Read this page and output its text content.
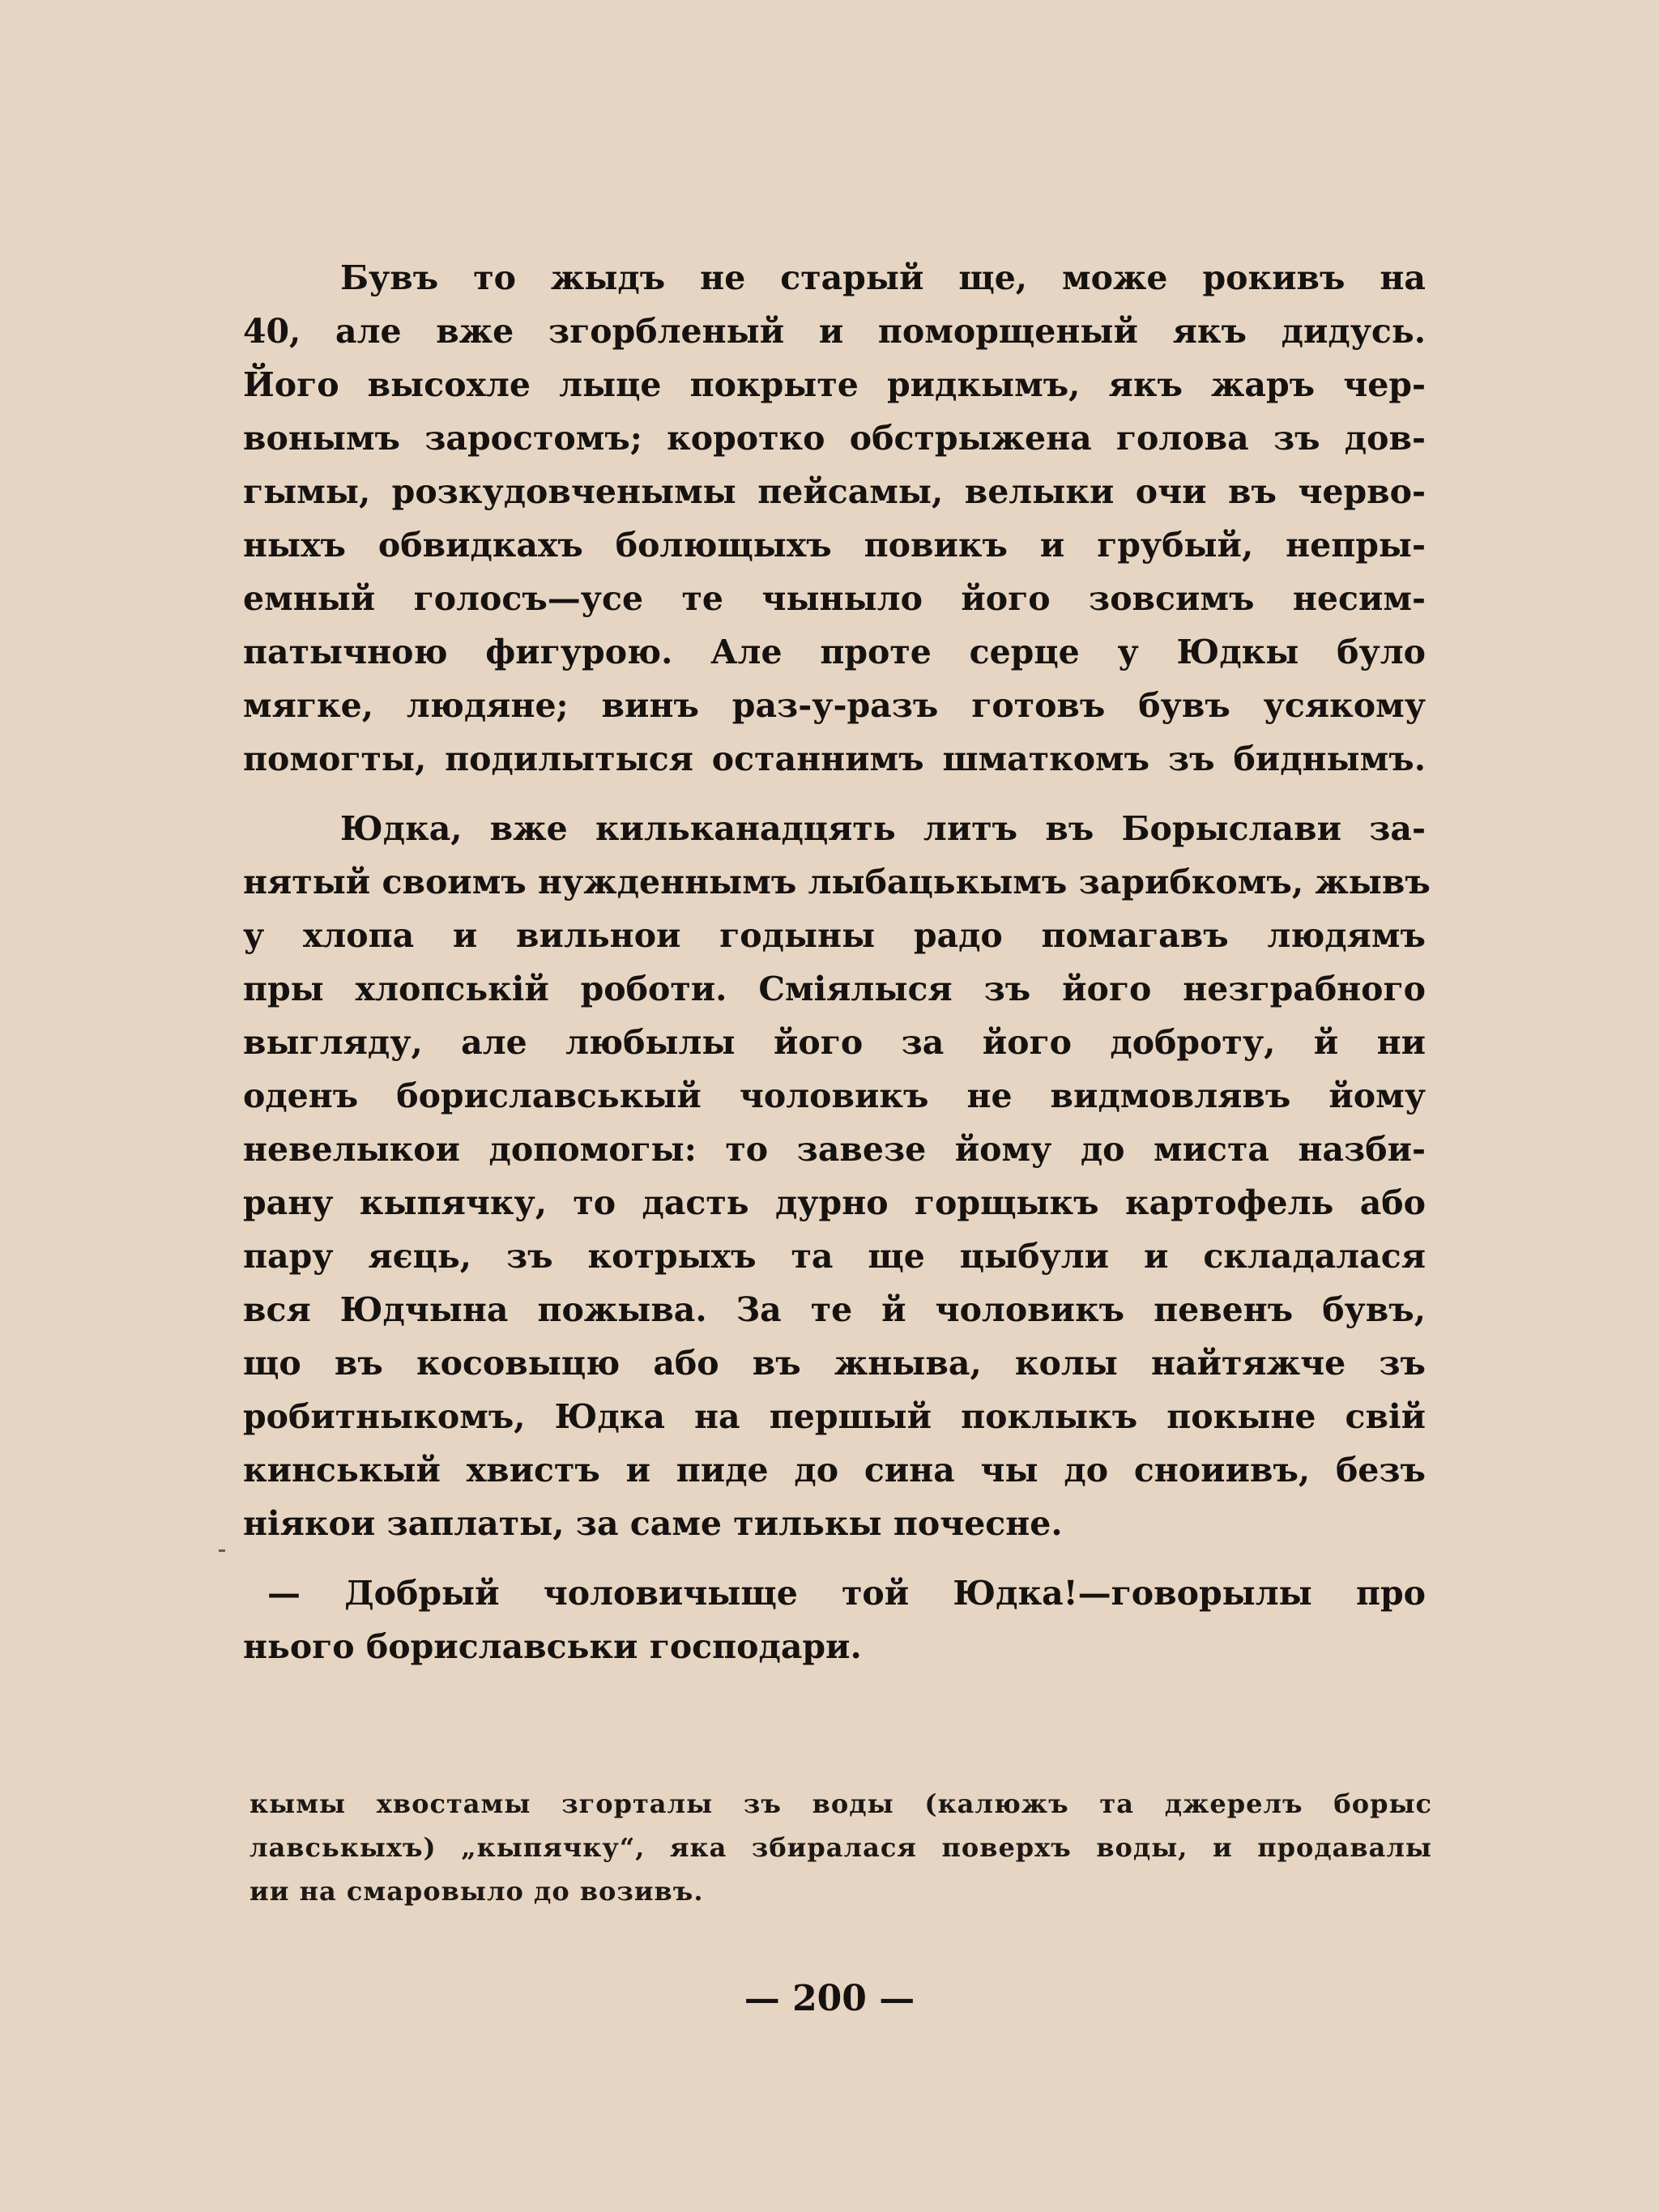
Бувъ то жыдъ не старый ще, може рокивъ на
40, але вже згорбленый и поморщеный якъ дидусь.
Його высохле лыце покрыте ридкымъ, якъ жаръ чер-
вонымъ заростомъ; коротко обстрыжена голова зъ дов-
гымы, розкудовченымы пейсамы, велыки очи въ черво-
ныхъ обвидкахъ болющыхъ повикъ и грубый, непры-
емный голосъ—усе те чыныло його зовсимъ несим-
патычною фигурою. Але проте серце у Юдкы було
мягке, людяне; винъ раз-у-разъ готовъ бувъ усякому
помогты, подилытыся останнимъ шматкомъ зъ биднымъ.
Юдка, вже кильканадцять литъ въ Борыслави за-
нятый своимъ нужденнымъ лыбацькымъ зарибкомъ, жывъ
у хлопа и вильнои годыны радо помагавъ людямъ
пры хлопськiй роботи. Смiялыся зъ його незграбного
выгляду, але любылы його за його доброту, й ни
оденъ бориславськый чоловикъ не видмовлявъ йому
невелыкои допомогы: то завезе йому до миста назби-
рану кыпячку, то дасть дурно горщыкъ картофель або
пару яєць, зъ котрыхъ та ще цыбули и складалася
вся Юдчына пожыва. За те й чоловикъ певенъ бувъ,
що въ косовыцю або въ жныва, колы найтяжче зъ
робитныкомъ, Юдка на першый поклыкъ покыне свiй
кинськый хвистъ и пиде до сина чы до сноиивъ, безъ
нiякои заплаты, за саме тилькы почесне.
— Добрый чоловичыще той Юдка!—говорылы про
нього бориславськи господари.
кымы хвостамы згорталы зъ воды (калюжъ та джерелъ борыс
лавськыхъ) „кыпячку“, яка збиралася поверхъ воды, и продавалы
ии на смаровыло до возивъ.
— 200 —
